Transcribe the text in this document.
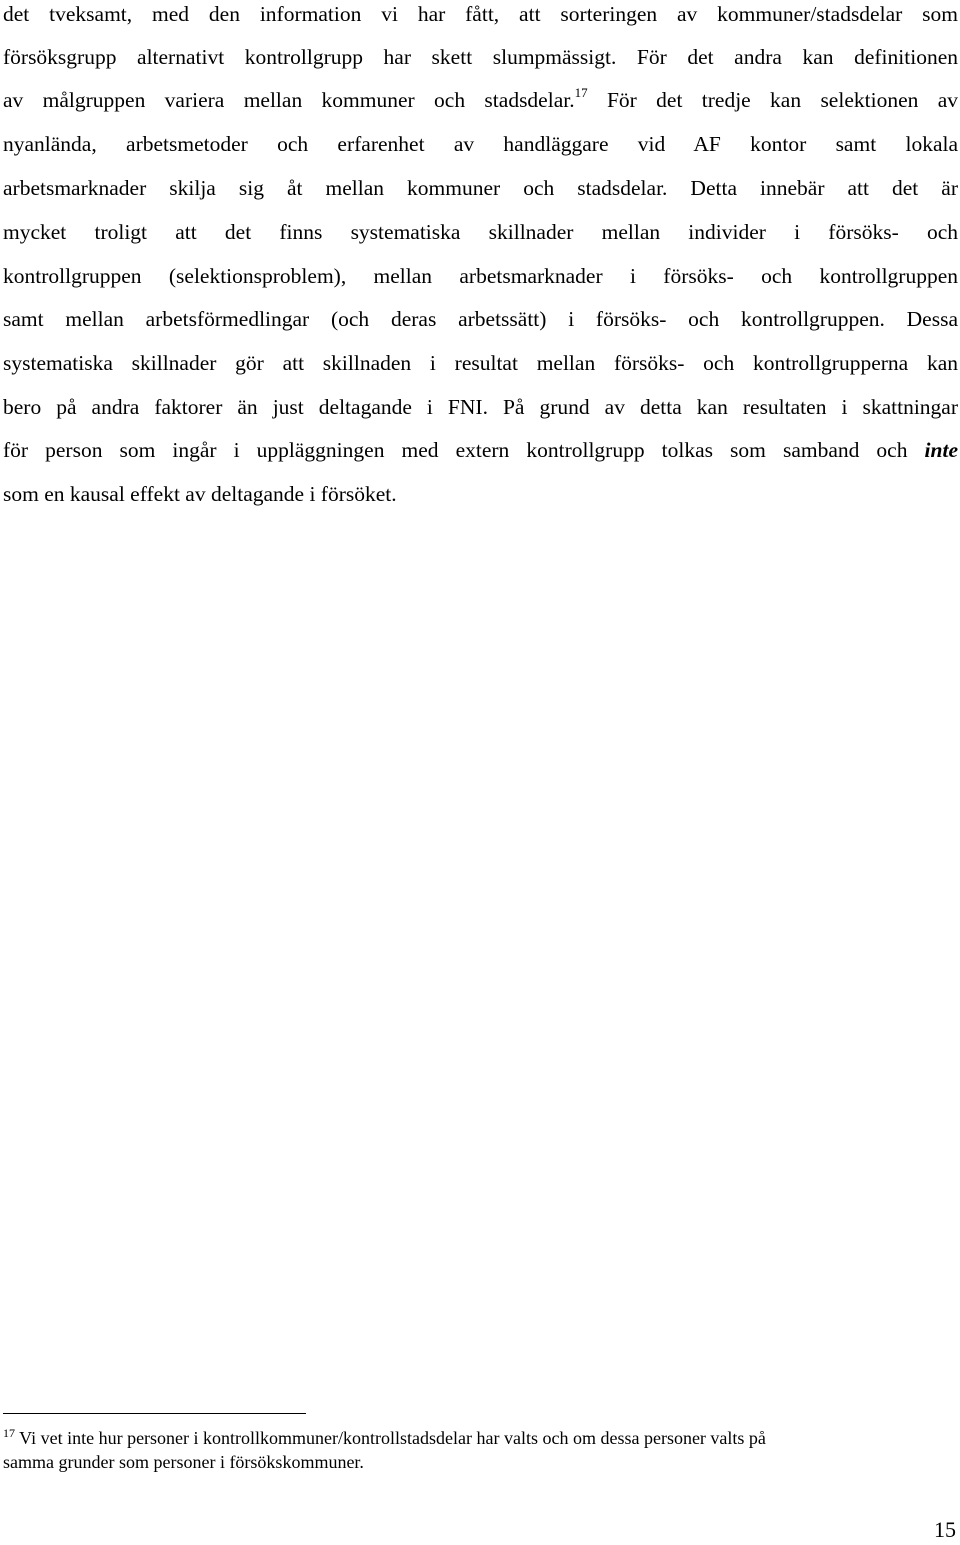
det tveksamt, med den information vi har fått, att sorteringen av kommuner/stadsdelar som
försöksgrupp alternativt kontrollgrupp har skett slumpmässigt. För det andra kan definitionen
av målgruppen variera mellan kommuner och stadsdelar.$^{17}$ För det tredje kan selektionen av
nyanlända, arbetsmetoder och erfarenhet av handläggare vid AF kontor samt lokala
arbetsmarknader skilja sig åt mellan kommuner och stadsdelar. Detta innebär att det är
mycket troligt att det finns systematiska skillnader mellan individer i försöks- och
kontrollgruppen (selektionsproblem), mellan arbetsmarknader i försöks- och kontrollgruppen
samt mellan arbetsförmedlingar (och deras arbetssätt) i försöks- och kontrollgruppen. Dessa
systematiska skillnader gör att skillnaden i resultat mellan försöks- och kontrollgrupperna kan
bero på andra faktorer än just deltagande i FNI. På grund av detta kan resultaten i skattningar
för person som ingår i uppläggningen med extern kontrollgrupp tolkas som samband och inte
som en kausal effekt av deltagande i försöket.
$^{17}$ Vi vet inte hur personer i kontrollkommuner/kontrollstadsdelar har valts och om dessa personer valts på
samma grunder som personer i försökskommuner.
15
